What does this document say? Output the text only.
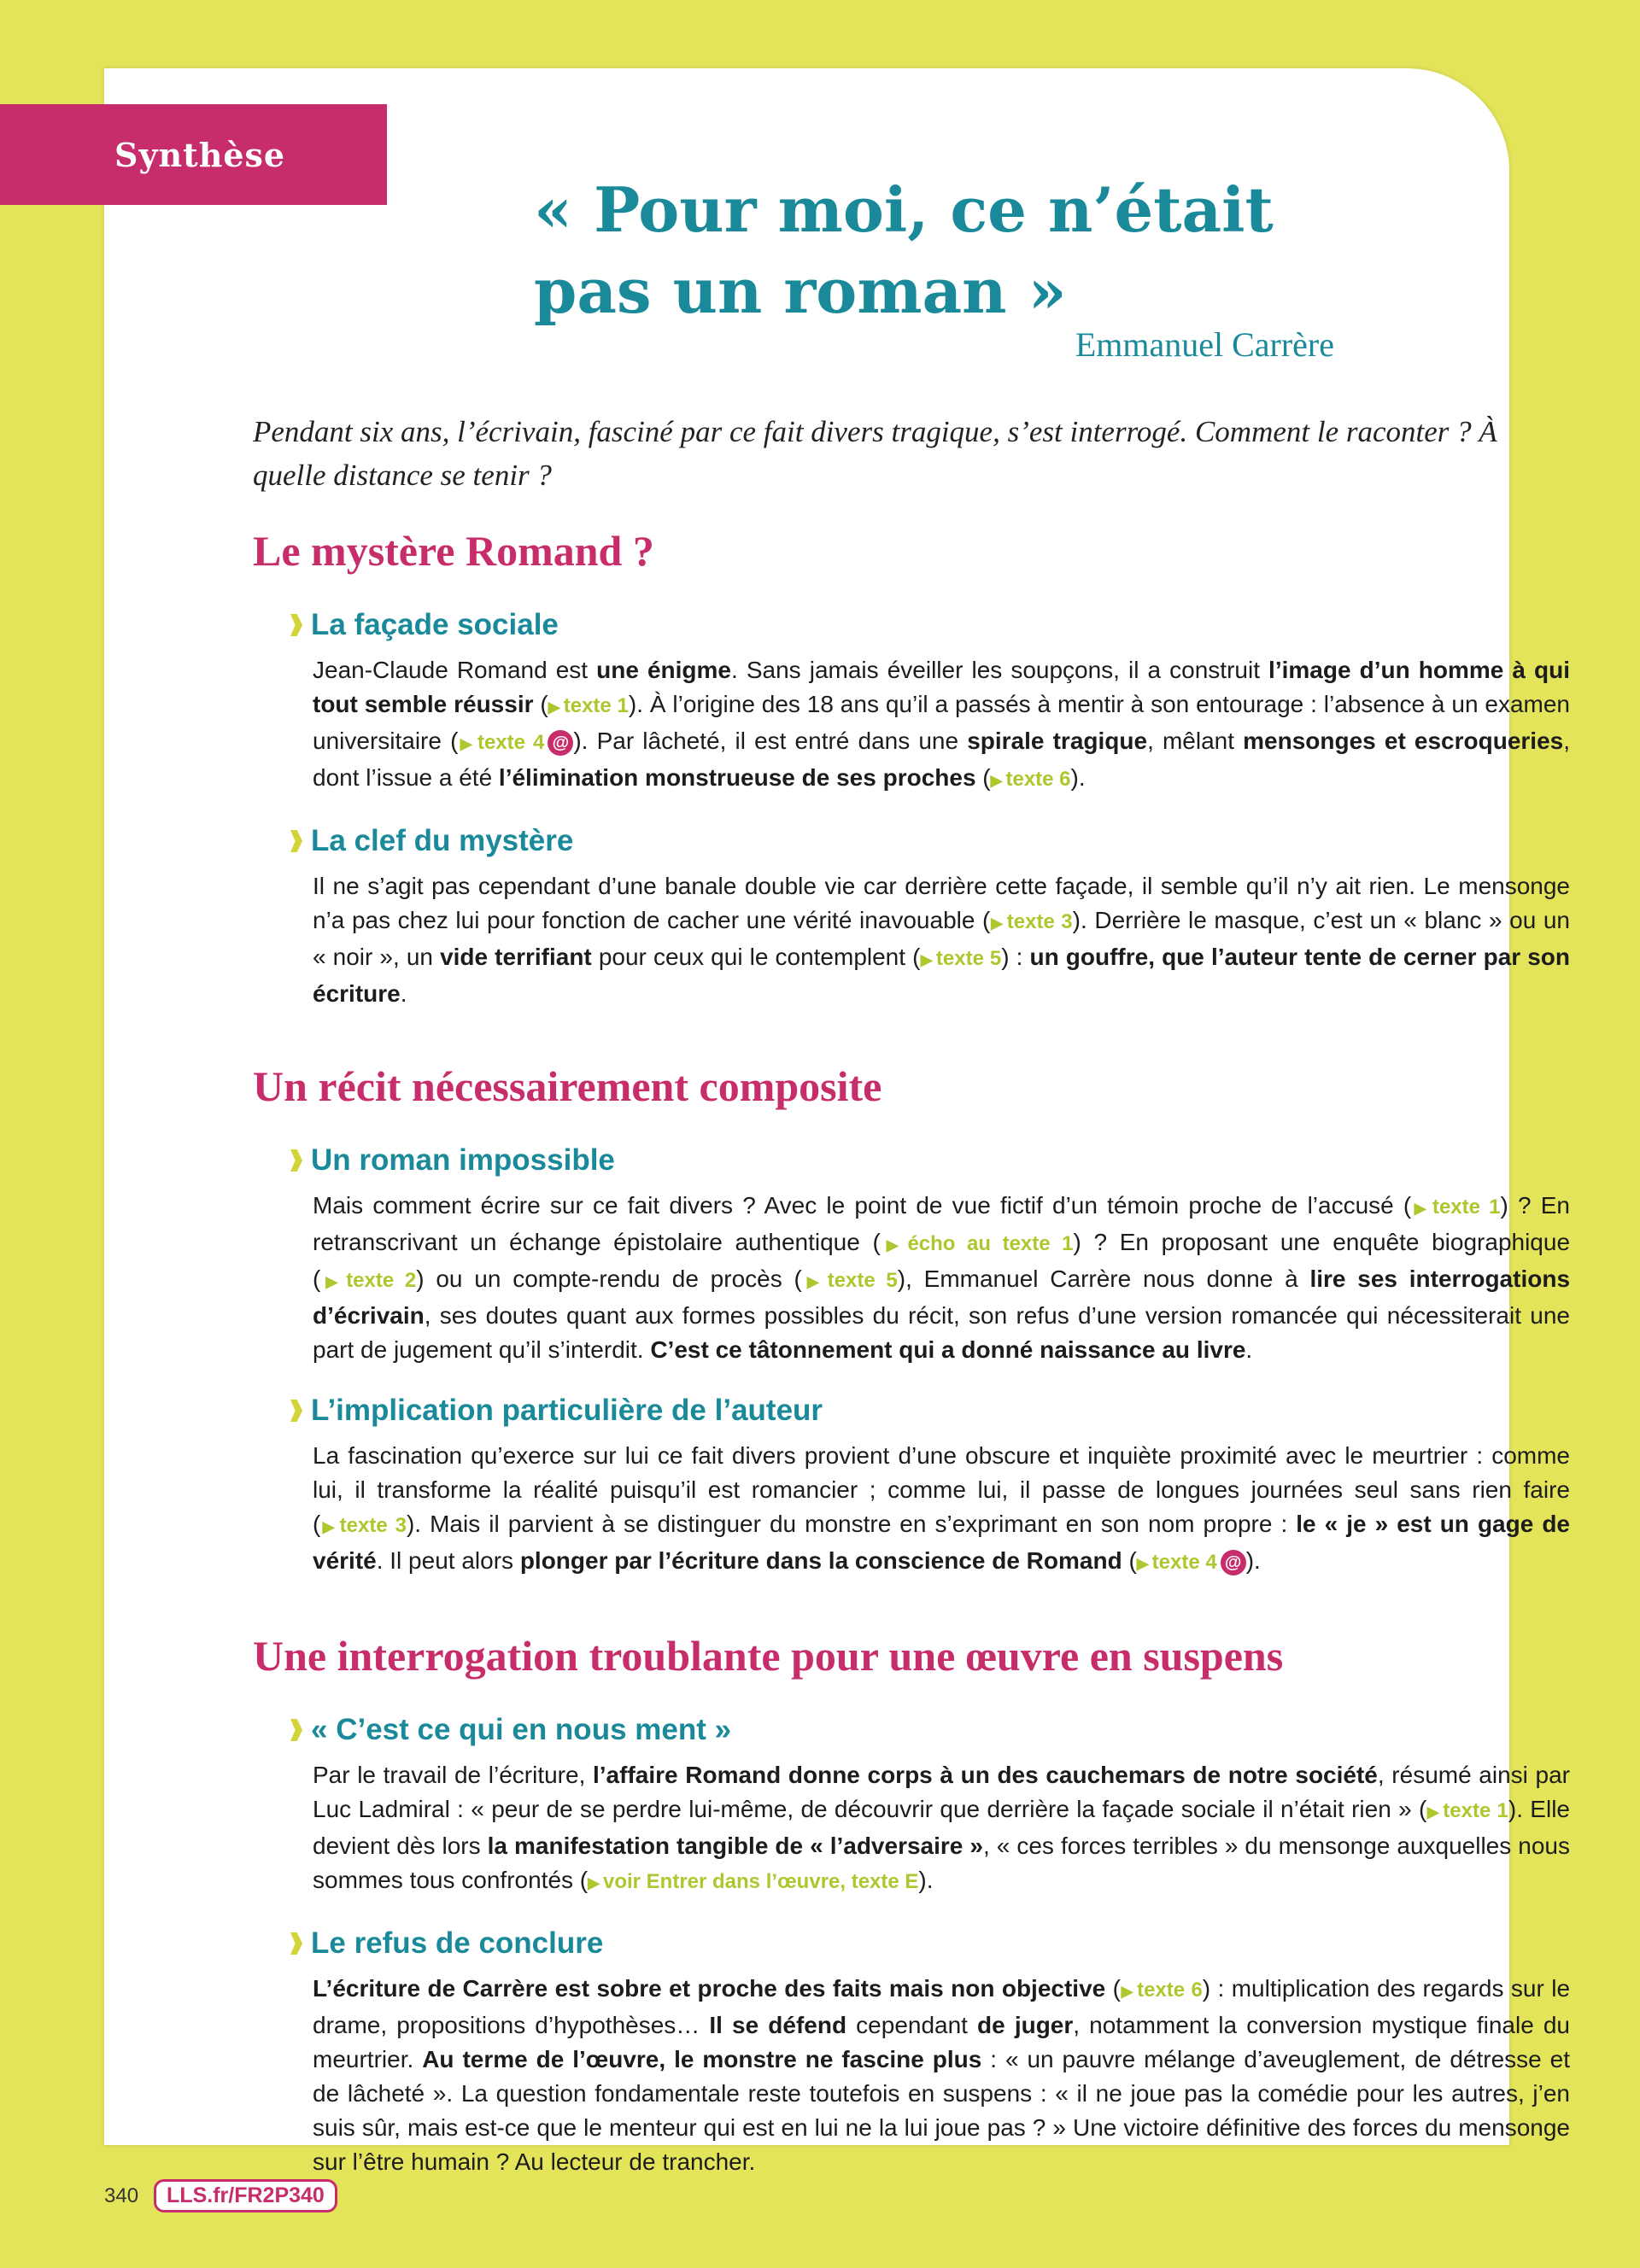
« Pour moi, ce n’était
pas un roman »
Emmanuel Carrère

Pendant six ans, l’écrivain, fasciné par ce fait divers tragique, s’est interrogé. Comment le raconter ? À quelle distance se tenir ?

Le mystère Romand ?
La façade sociale

Jean-Claude Romand est une énigme. Sans jamais éveiller les soupçons, il a construit l’image d’un homme à qui tout semble réussir (▶ texte 1). À l’origine des 18 ans qu’il a passés à mentir à son entourage : l’absence à un examen universitaire (▶ texte 4 @ ). Par lâcheté, il est entré dans une spirale tragique, mêlant mensonges et escroqueries, dont l’issue a été l’élimination monstrueuse de ses proches (▶ texte 6).

La clef du mystère

Il ne s’agit pas cependant d’une banale double vie car derrière cette façade, il semble qu’il n’y ait rien. Le mensonge n’a pas chez lui pour fonction de cacher une vérité inavouable (▶ texte 3). Derrière le masque, c’est un « blanc » ou un « noir », un vide terrifiant pour ceux qui le contemplent (▶ texte 5) : un gouffre, que l’auteur tente de cerner par son écriture.

Un récit nécessairement composite
Un roman impossible

Mais comment écrire sur ce fait divers ? Avec le point de vue fictif d’un témoin proche de l’accusé (▶ texte 1) ? En retranscrivant un échange épistolaire authentique (▶ écho au texte 1) ? En proposant une enquête biographique (▶ texte 2) ou un compte-rendu de procès (▶ texte 5), Emmanuel Carrère nous donne à lire ses interrogations d’écrivain, ses doutes quant aux formes possibles du récit, son refus d’une version romancée qui nécessiterait une part de jugement qu’il s’interdit. C’est ce tâtonnement qui a donné naissance au livre.

L’implication particulière de l’auteur

La fascination qu’exerce sur lui ce fait divers provient d’une obscure et inquiète proximité avec le meurtrier : comme lui, il transforme la réalité puisqu’il est romancier ; comme lui, il passe de longues journées seul sans rien faire (▶ texte 3). Mais il parvient à se distinguer du monstre en s’exprimant en son nom propre : le « je » est un gage de vérité. Il peut alors plonger par l’écriture dans la conscience de Romand (▶ texte 4 @ ).

Une interrogation troublante pour une œuvre en suspens
« C’est ce qui en nous ment »

Par le travail de l’écriture, l’affaire Romand donne corps à un des cauchemars de notre société, résumé ainsi par Luc Ladmiral : « peur de se perdre lui-même, de découvrir que derrière la façade sociale il n’était rien » (▶ texte 1). Elle devient dès lors la manifestation tangible de « l’adversaire », « ces forces terribles » du mensonge auxquelles nous sommes tous confrontés (▶ voir Entrer dans l’œuvre, texte E).

Le refus de conclure

L’écriture de Carrère est sobre et proche des faits mais non objective (▶ texte 6) : multiplication des regards sur le drame, propositions d’hypothèses… Il se défend cependant de juger, notamment la conversion mystique finale du meurtrier. Au terme de l’œuvre, le monstre ne fascine plus : « un pauvre mélange d’aveuglement, de détresse et de lâcheté ». La question fondamentale reste toutefois en suspens : « il ne joue pas la comédie pour les autres, j’en suis sûr, mais est-ce que le menteur qui est en lui ne la lui joue pas ? » Une victoire définitive des forces du mensonge sur l’être humain ? Au lecteur de trancher.

Synthèse
340	LLS.fr/FR2P340
